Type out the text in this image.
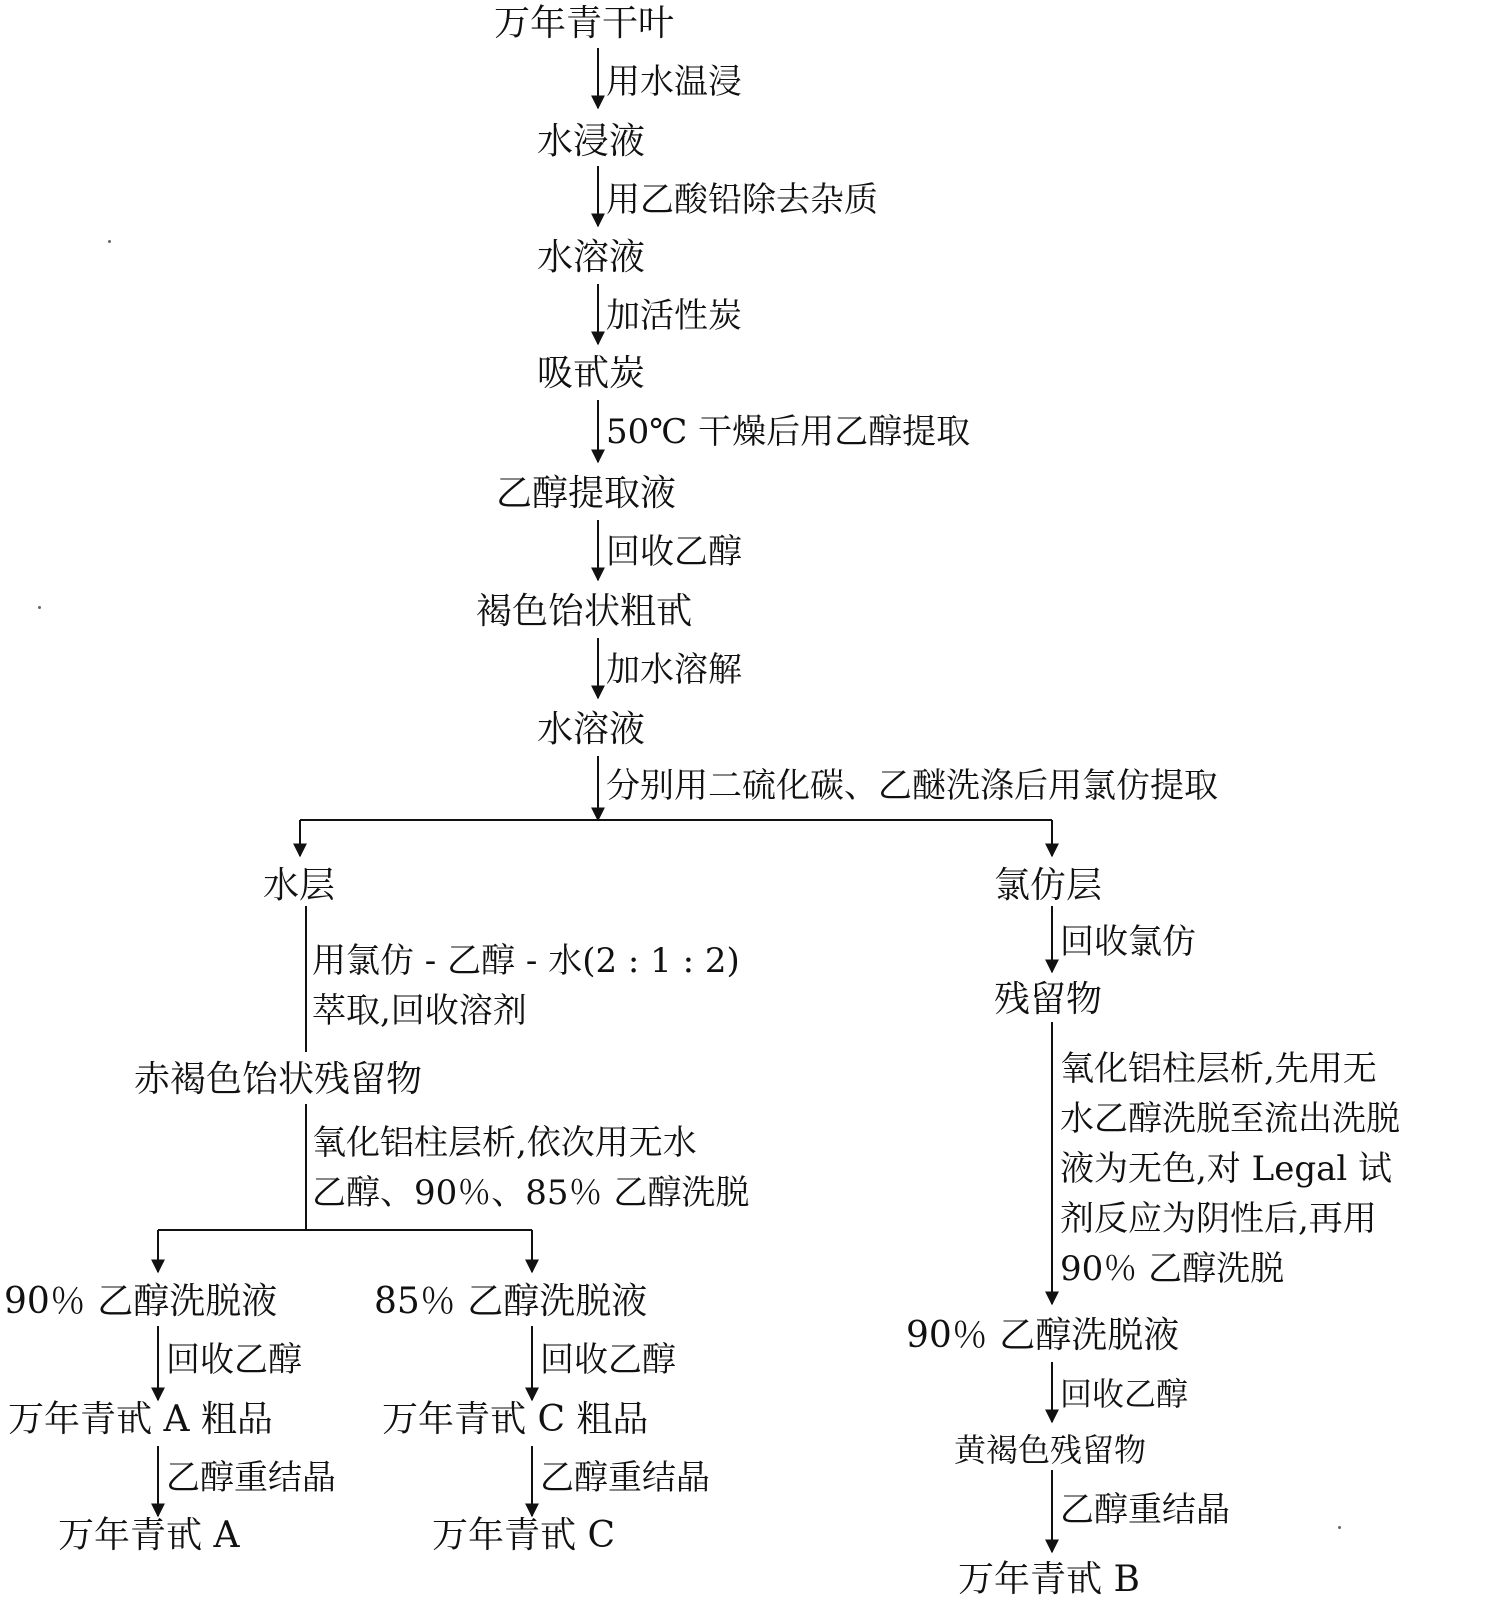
万年青干叶
用水温浸
水浸液
用乙酸铅除去杂质
水溶液
加活性炭
吸甙炭
50℃ 干燥后用乙醇提取
乙醇提取液
回收乙醇
褐色饴状粗甙
加水溶解
水溶液
分别用二硫化碳、乙醚洗涤后用氯仿提取
水层
用氯仿 - 乙醇 - 水(2 : 1 : 2)
萃取,回收溶剂
赤褐色饴状残留物
氧化铝柱层析,依次用无水
乙醇、90％、85％ 乙醇洗脱
90％ 乙醇洗脱液	85％ 乙醇洗脱液
回收乙醇	回收乙醇
万年青甙 A 粗品	万年青甙 C 粗品
乙醇重结晶	乙醇重结晶
万年青甙 A	万年青甙 C
氯仿层
回收氯仿
残留物
氧化铝柱层析,先用无
水乙醇洗脱至流出洗脱
液为无色,对 Legal 试
剂反应为阴性后,再用
90％ 乙醇洗脱
90％ 乙醇洗脱液
回收乙醇
黄褐色残留物
乙醇重结晶
万年青甙 B
